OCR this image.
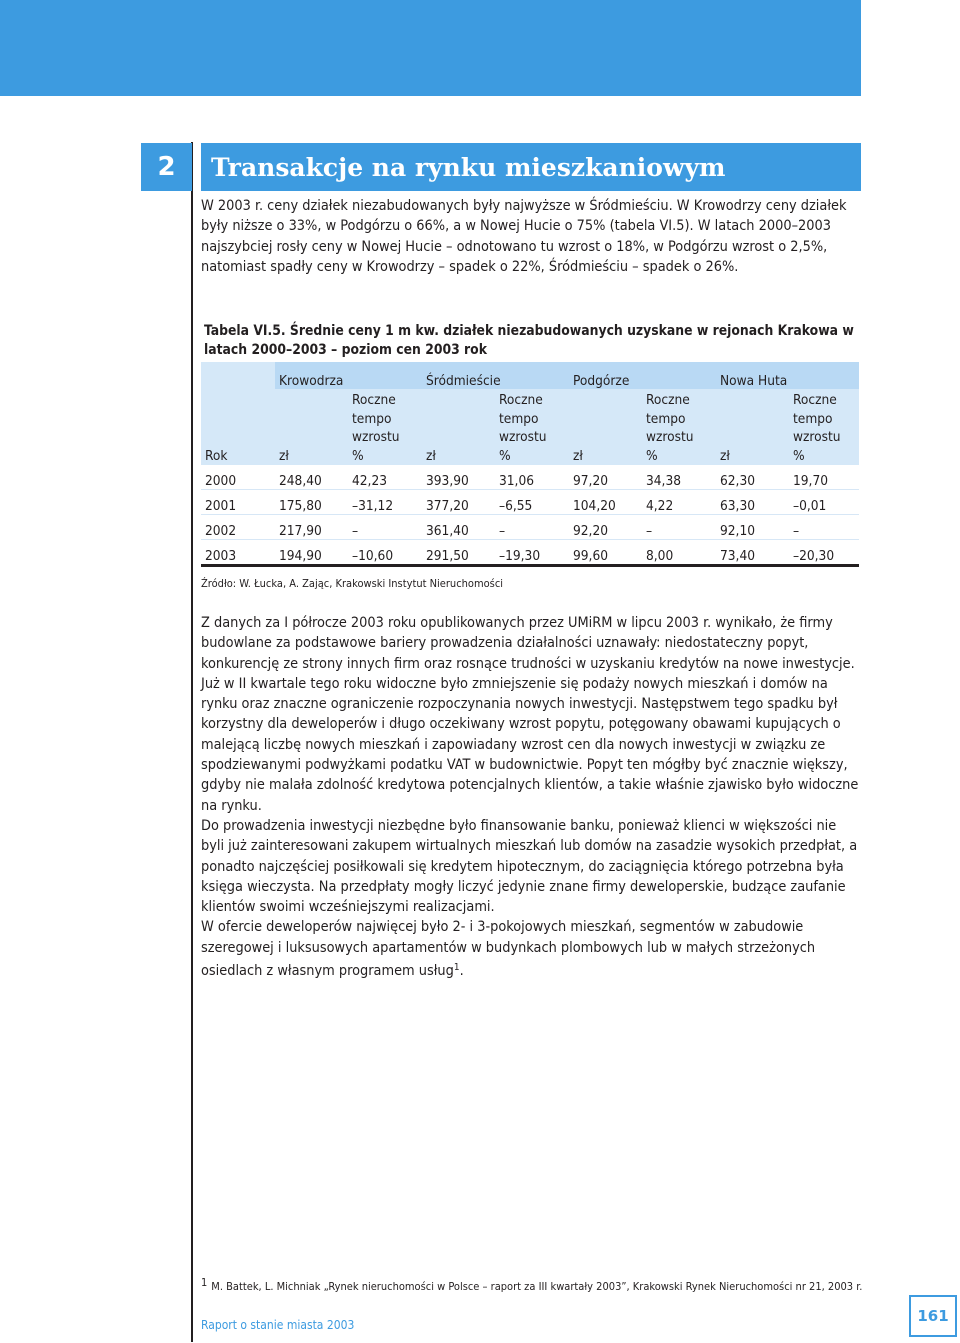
2	Transakcje na rynku mieszkaniowym

W 2003 r. ceny działek niezabudowanych były najwyższe w Śródmieściu. W Krowodrzy ceny działek były niższe o 33%, w Podgórzu o 66%, a w Nowej Hucie o 75% (tabela VI.5). W latach 2000–2003 najszybciej rosły ceny w Nowej Hucie – odnotowano tu wzrost o 18%, w Podgórzu wzrost o 2,5%, natomiast spadły ceny w Krowodrzy – spadek o 22%, Śródmieściu – spadek o 26%.

Tabela VI.5. Średnie ceny 1 m kw. działek niezabudowanych uzyskane w rejonach Krakowa w latach 2000–2003 – poziom cen 2003 rok
	Krowodrza		Śródmieście		Podgórze		Nowa Huta	
Rok	zł	Roczne
tempo
wzrostu
%	zł	Roczne
tempo
wzrostu
%	zł	Roczne
tempo
wzrostu
%	zł	Roczne
tempo
wzrostu
%
2000	248,40	42,23	393,90	31,06	97,20	34,38	62,30	19,70
2001	175,80	–31,12	377,20	–6,55	104,20	4,22	63,30	–0,01
2002	217,90	–	361,40	–	92,20	–	92,10	–
2003	194,90	–10,60	291,50	–19,30	99,60	8,00	73,40	–20,30
Źródło: W. Łucka, A. Zając, Krakowski Instytut Nieruchomości

Z danych za I półrocze 2003 roku opublikowanych przez UMiRM w lipcu 2003 r. wynikało, że firmy budowlane za podstawowe bariery prowadzenia działalności uznawały: niedostateczny popyt, konkurencję ze strony innych firm oraz rosnące trudności w uzyskaniu kredytów na nowe inwestycje. Już w II kwartale tego roku widoczne było zmniejszenie się podaży nowych mieszkań i domów na rynku oraz znaczne ograniczenie rozpoczynania nowych inwestycji. Następstwem tego spadku był korzystny dla deweloperów i długo oczekiwany wzrost popytu, potęgowany obawami kupujących o malejącą liczbę nowych mieszkań i zapowiadany wzrost cen dla nowych inwestycji w związku ze spodziewanymi podwyżkami podatku VAT w budownictwie. Popyt ten mógłby być znacznie większy, gdyby nie malała zdolność kredytowa potencjalnych klientów, a takie właśnie zjawisko było widoczne na rynku.

Do prowadzenia inwestycji niezbędne było finansowanie banku, ponieważ klienci w większości nie byli już zainteresowani zakupem wirtualnych mieszkań lub domów na zasadzie wysokich przedpłat, a ponadto najczęściej posiłkowali się kredytem hipotecznym, do zaciągnięcia którego potrzebna była księga wieczysta. Na przedpłaty mogły liczyć jedynie znane firmy deweloperskie, budzące zaufanie klientów swoimi wcześniejszymi realizacjami.

W ofercie deweloperów najwięcej było 2- i 3-pokojowych mieszkań, segmentów w zabudowie szeregowej i luksusowych apartamentów w budynkach plombowych lub w małych strzeżonych osiedlach z własnym programem usług$^1$.

$^1$ M. Battek, L. Michniak „Rynek nieruchomości w Polsce – raport za III kwartały 2003”, Krakowski Rynek Nieruchomości nr 21, 2003 r.
Raport o stanie miasta 2003	161
